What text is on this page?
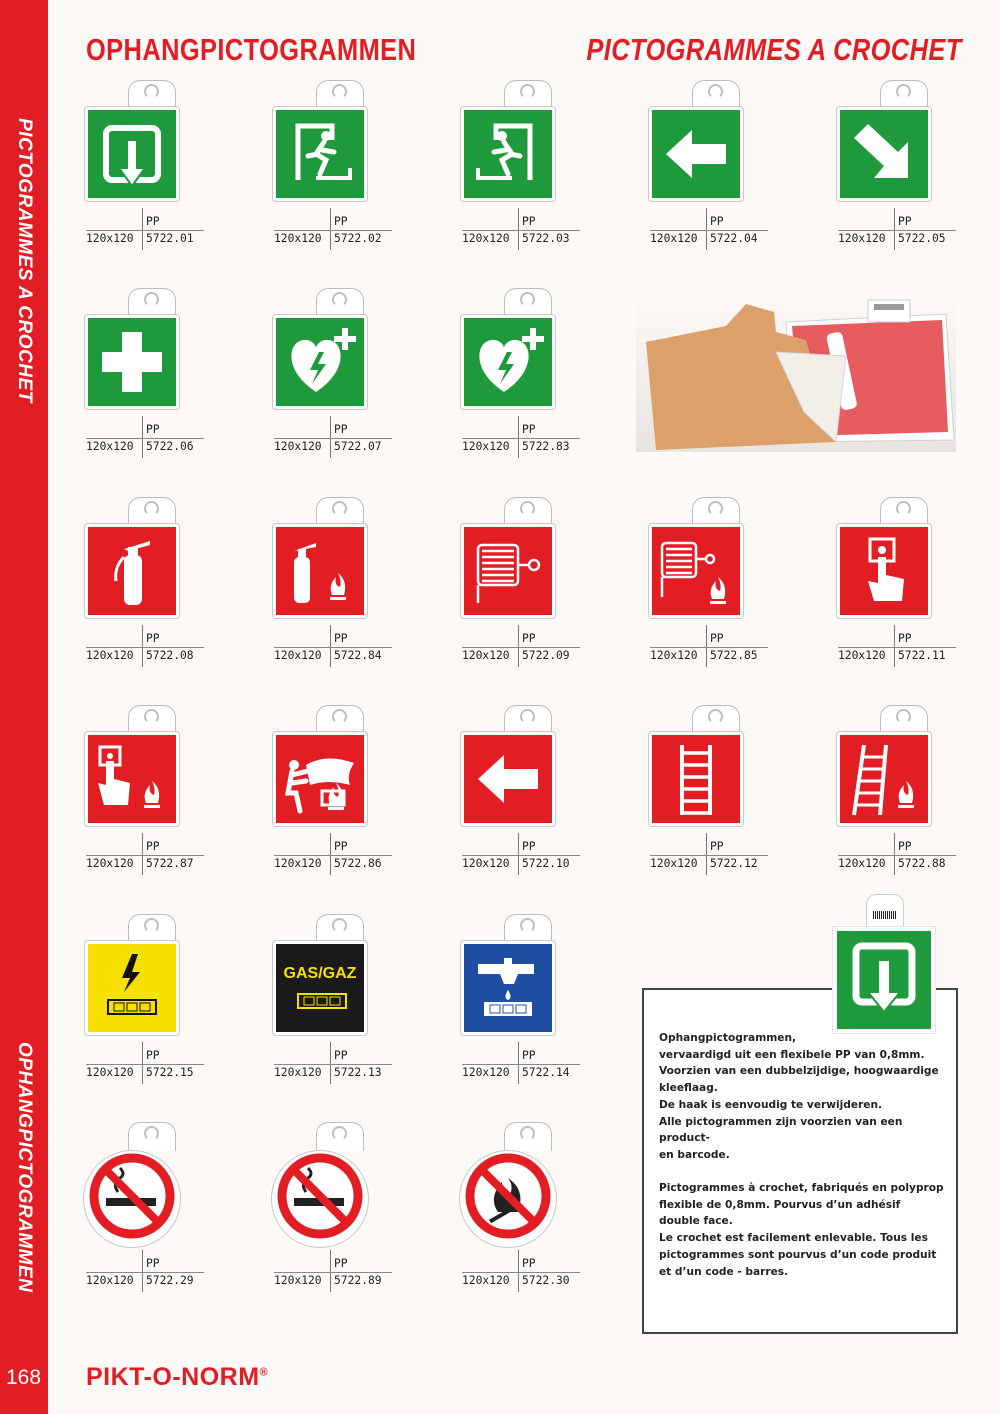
PICTOGRAMMES A CROCHET
OPHANGPICTOGRAMMEN
168
OPHANGPICTOGRAMMEN	PICTOGRAMMES A CROCHET
PP
120x120 5722.01
PP
120x120 5722.02
PP
120x120 5722.03
PP
120x120 5722.04
PP
120x120 5722.05
PP
120x120 5722.06
PP
120x120 5722.07
PP
120x120 5722.83
PP
120x120 5722.08
PP
120x120 5722.84
PP
120x120 5722.09
PP
120x120 5722.85
PP
120x120 5722.11
PP
120x120 5722.87
PP
120x120 5722.86
PP
120x120 5722.10
PP
120x120 5722.12
PP
120x120 5722.88
PP
120x120 5722.15
GAS/GAZ
PP
120x120 5722.13
PP
120x120 5722.14
PP
120x120 5722.29
PP
120x120 5722.89
PP
120x120 5722.30

Ophangpictogrammen,
vervaardigd uit een flexibele PP van 0,8mm.
Voorzien van een dubbelzijdige, hoogwaardige
kleeflaag.
De haak is eenvoudig te verwijderen.
Alle pictogrammen zijn voorzien van een product-
en barcode.

Pictogrammes à crochet, fabriqués en polyprop
flexible de 0,8mm. Pourvus d’un adhésif
double face.
Le crochet est facilement enlevable. Tous les
pictogrammes sont pourvus d’un code produit
et d’un code - barres.

PIKT-O-NORM®
